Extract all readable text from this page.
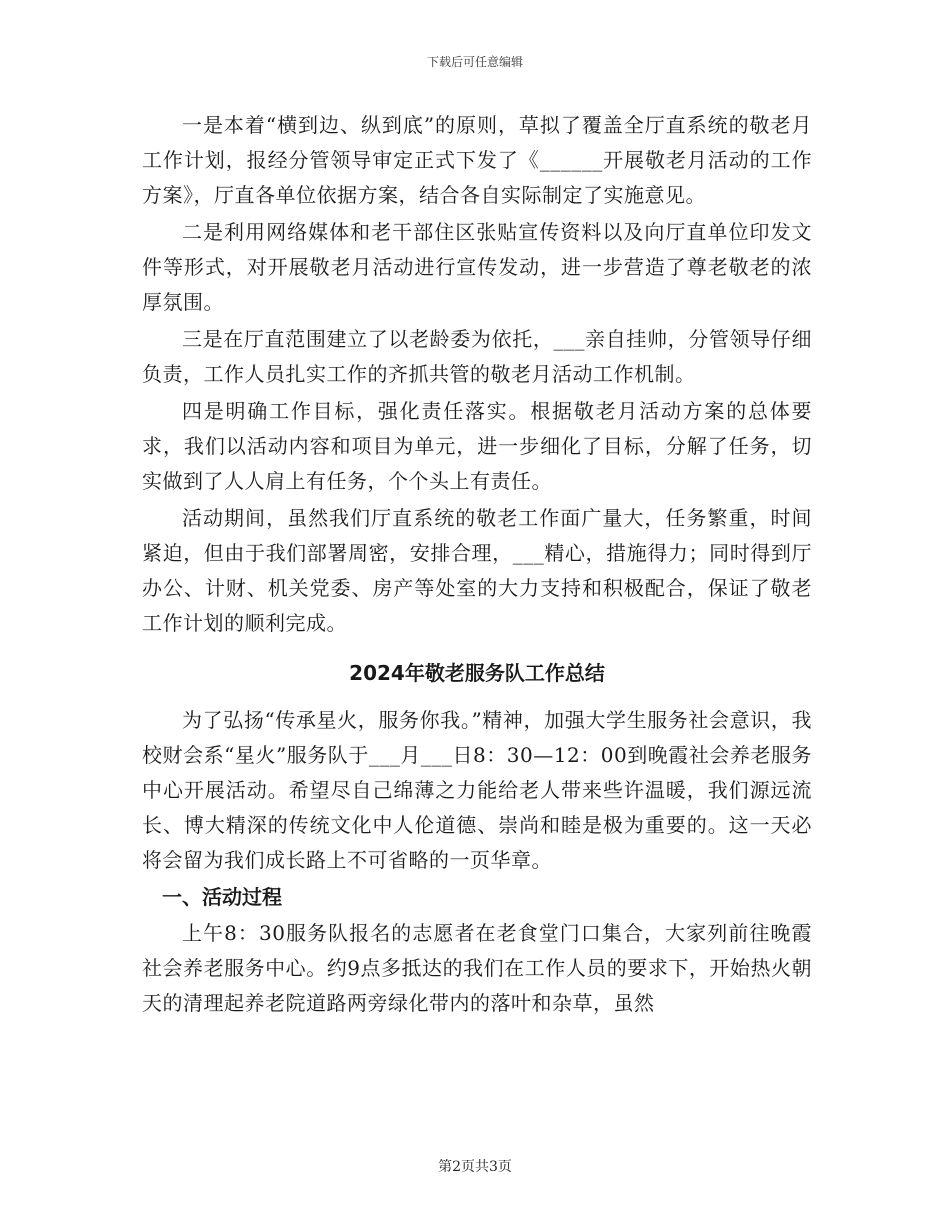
下载后可任意编辑

一是本着“横到边、纵到底”的原则，草拟了覆盖全厅直系统的敬老月工作计划，报经分管领导审定正式下发了《______开展敬老月活动的工作方案》，厅直各单位依据方案，结合各自实际制定了实施意见。

二是利用网络媒体和老干部住区张贴宣传资料以及向厅直单位印发文件等形式，对开展敬老月活动进行宣传发动，进一步营造了尊老敬老的浓厚氛围。

三是在厅直范围建立了以老龄委为依托，___亲自挂帅，分管领导仔细负责，工作人员扎实工作的齐抓共管的敬老月活动工作机制。

四是明确工作目标，强化责任落实。根据敬老月活动方案的总体要求，我们以活动内容和项目为单元，进一步细化了目标，分解了任务，切实做到了人人肩上有任务，个个头上有责任。

活动期间，虽然我们厅直系统的敬老工作面广量大，任务繁重，时间紧迫，但由于我们部署周密，安排合理，___精心，措施得力；同时得到厅办公、计财、机关党委、房产等处室的大力支持和积极配合，保证了敬老工作计划的顺利完成。

2024年敬老服务队工作总结

为了弘扬“传承星火，服务你我。”精神，加强大学生服务社会意识，我校财会系“星火”服务队于___月___日8：30—12：00到晚霞社会养老服务中心开展活动。希望尽自己绵薄之力能给老人带来些许温暖，我们源远流长、博大精深的传统文化中人伦道德、崇尚和睦是极为重要的。这一天必将会留为我们成长路上不可省略的一页华章。

一、活动过程

上午8：30服务队报名的志愿者在老食堂门口集合，大家列前往晚霞社会养老服务中心。约9点多抵达的我们在工作人员的要求下，开始热火朝天的清理起养老院道路两旁绿化带内的落叶和杂草，虽然

第2页共3页
